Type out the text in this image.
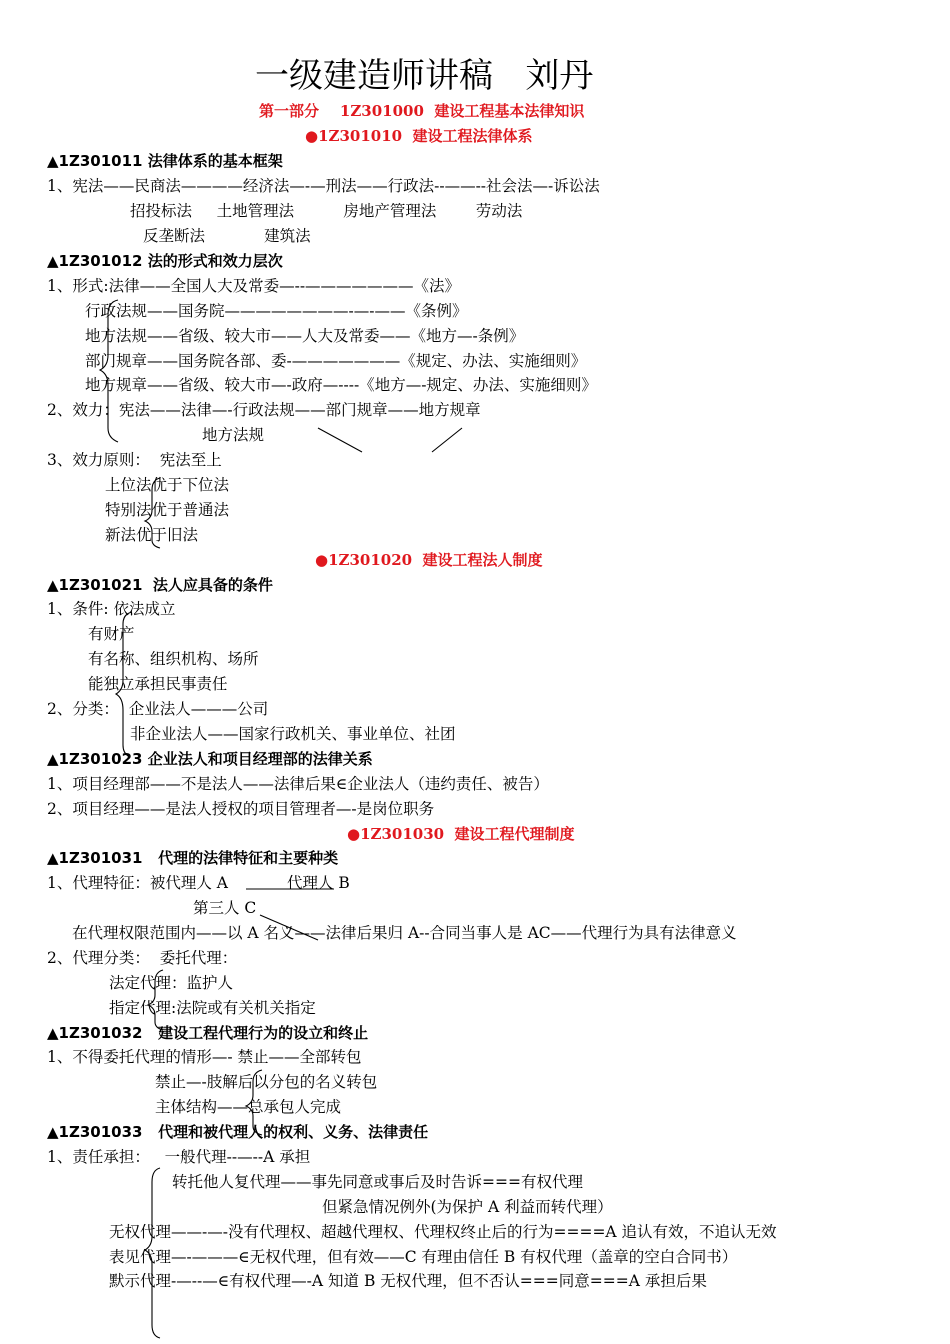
一级建造师讲稿   刘丹
第一部分    1Z301000  建设工程基本法律知识
●1Z301010  建设工程法律体系
▲1Z301011 法律体系的基本框架
1、宪法——民商法————经济法—-—刑法——行政法--——--社会法—-诉讼法
招投标法     土地管理法          房地产管理法        劳动法
反垄断法            建筑法
▲1Z301012 法的形式和效力层次
1、形式:法律——全国人大及常委—--———————《法》
行政法规——国务院————————-—-——《条例》
地方法规——省级、较大市——人大及常委——《地方—-条例》
部门规章——国务院各部、委-———————《规定、办法、实施细则》
地方规章——省级、较大市—-政府—----《地方—-规定、办法、实施细则》
2、效力：宪法——法律—-行政法规——部门规章——地方规章
地方法规
3、效力原则：  宪法至上
上位法优于下位法
特别法优于普通法
新法优于旧法
●1Z301020  建设工程法人制度
▲1Z301021  法人应具备的条件
1、条件: 依法成立
有财产
有名称、组织机构、场所
能独立承担民事责任
2、分类：  企业法人———公司
非企业法人——国家行政机关、事业单位、社团
▲1Z301023 企业法人和项目经理部的法律关系
1、项目经理部——不是法人——法律后果∈企业法人（违约责任、被告）
2、项目经理——是法人授权的项目管理者—-是岗位职务
●1Z301030  建设工程代理制度
▲1Z301031   代理的法律特征和主要种类
1、代理特征：被代理人 A	代理人 B
第三人 C
在代理权限范围内——以 A 名义——法律后果归 A--合同当事人是 AC——代理行为具有法律意义
2、代理分类：  委托代理：
法定代理：监护人
指定代理:法院或有关机关指定
▲1Z301032   建设工程代理行为的设立和终止
1、不得委托代理的情形—- 禁止——全部转包
禁止—-肢解后以分包的名义转包
主体结构——总承包人完成
▲1Z301033   代理和被代理人的权利、义务、法律责任
1、责任承担：   一般代理--—--A 承担
转托他人复代理——事先同意或事后及时告诉===有权代理
但紧急情况例外(为保护 A 利益而转代理）
无权代理——-—-没有代理权、超越代理权、代理权终止后的行为====A 追认有效，不追认无效
表见代理—-———∈无权代理，但有效——C 有理由信任 B 有权代理（盖章的空白合同书）
默示代理-—--—∈有权代理—-A 知道 B 无权代理，但不否认===同意===A 承担后果
